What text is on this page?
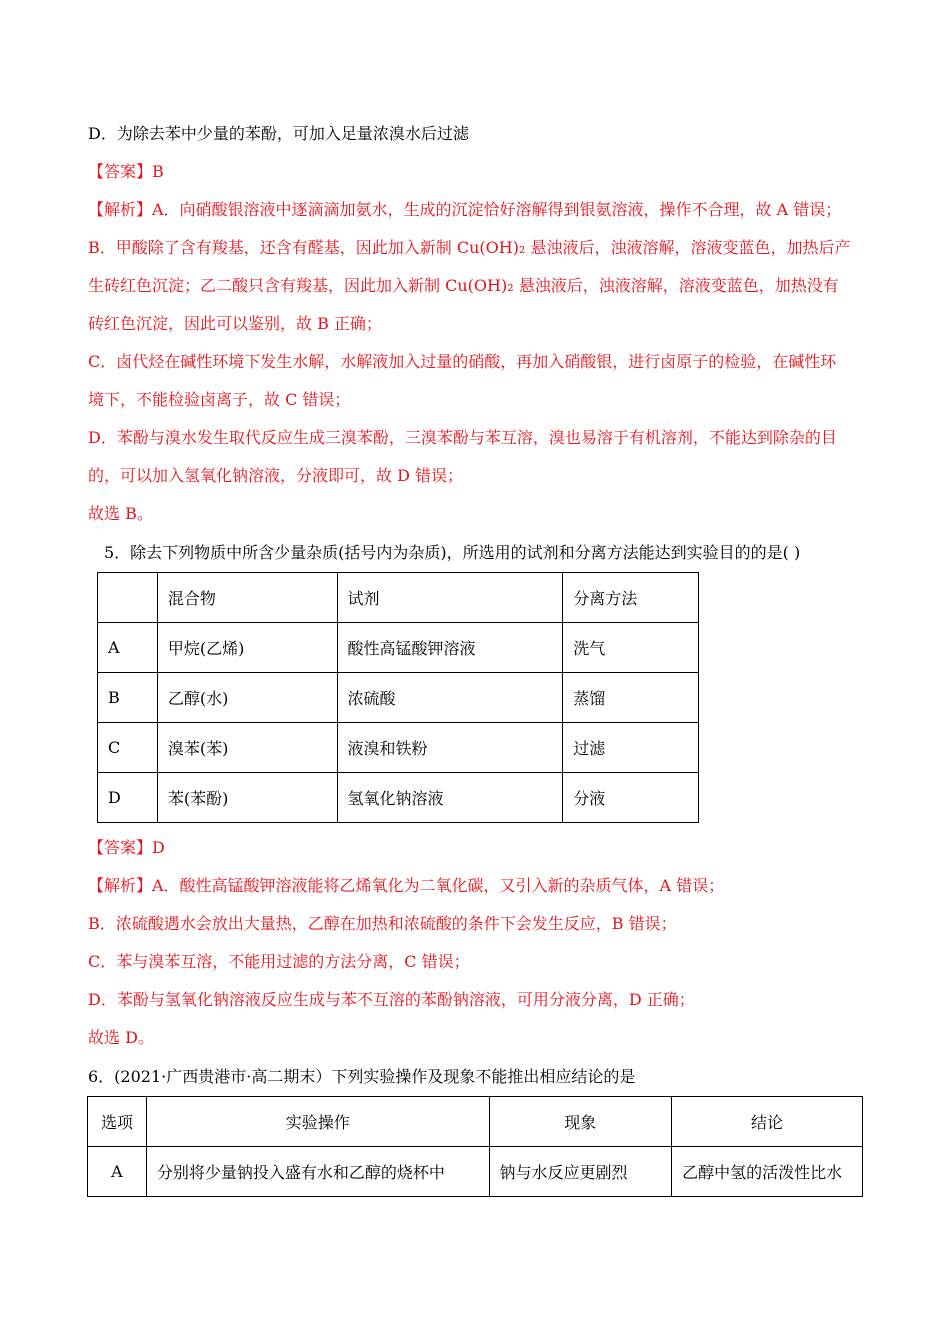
D．为除去苯中少量的苯酚，可加入足量浓溴水后过滤
【答案】B
【解析】A．向硝酸银溶液中逐滴滴加氨水，生成的沉淀恰好溶解得到银氨溶液，操作不合理，故 A 错误；
B．甲酸除了含有羧基，还含有醛基，因此加入新制 Cu(OH)₂ 悬浊液后，浊液溶解，溶液变蓝色，加热后产
生砖红色沉淀；乙二酸只含有羧基，因此加入新制 Cu(OH)₂ 悬浊液后，浊液溶解，溶液变蓝色，加热没有
砖红色沉淀，因此可以鉴别，故 B 正确；
C．卤代烃在碱性环境下发生水解，水解液加入过量的硝酸，再加入硝酸银，进行卤原子的检验，在碱性环
境下，不能检验卤离子，故 C 错误；
D．苯酚与溴水发生取代反应生成三溴苯酚，三溴苯酚与苯互溶，溴也易溶于有机溶剂，不能达到除杂的目
的，可以加入氢氧化钠溶液，分液即可，故 D 错误；
故选 B。
5．除去下列物质中所含少量杂质(括号内为杂质)，所选用的试剂和分离方法能达到实验目的的是( )
	混合物	试剂	分离方法
A	甲烷(乙烯)	酸性高锰酸钾溶液	洗气
B	乙醇(水)	浓硫酸	蒸馏
C	溴苯(苯)	液溴和铁粉	过滤
D	苯(苯酚)	氢氧化钠溶液	分液
【答案】D
【解析】A．酸性高锰酸钾溶液能将乙烯氧化为二氧化碳，又引入新的杂质气体，A 错误；
B．浓硫酸遇水会放出大量热，乙醇在加热和浓硫酸的条件下会发生反应，B 错误；
C．苯与溴苯互溶，不能用过滤的方法分离，C 错误；
D．苯酚与氢氧化钠溶液反应生成与苯不互溶的苯酚钠溶液，可用分液分离，D 正确；
故选 D。
6．(2021·广西贵港市·高二期末）下列实验操作及现象不能推出相应结论的是
选项	实验操作	现象	结论
A	分别将少量钠投入盛有水和乙醇的烧杯中	钠与水反应更剧烈	乙醇中氢的活泼性比水
